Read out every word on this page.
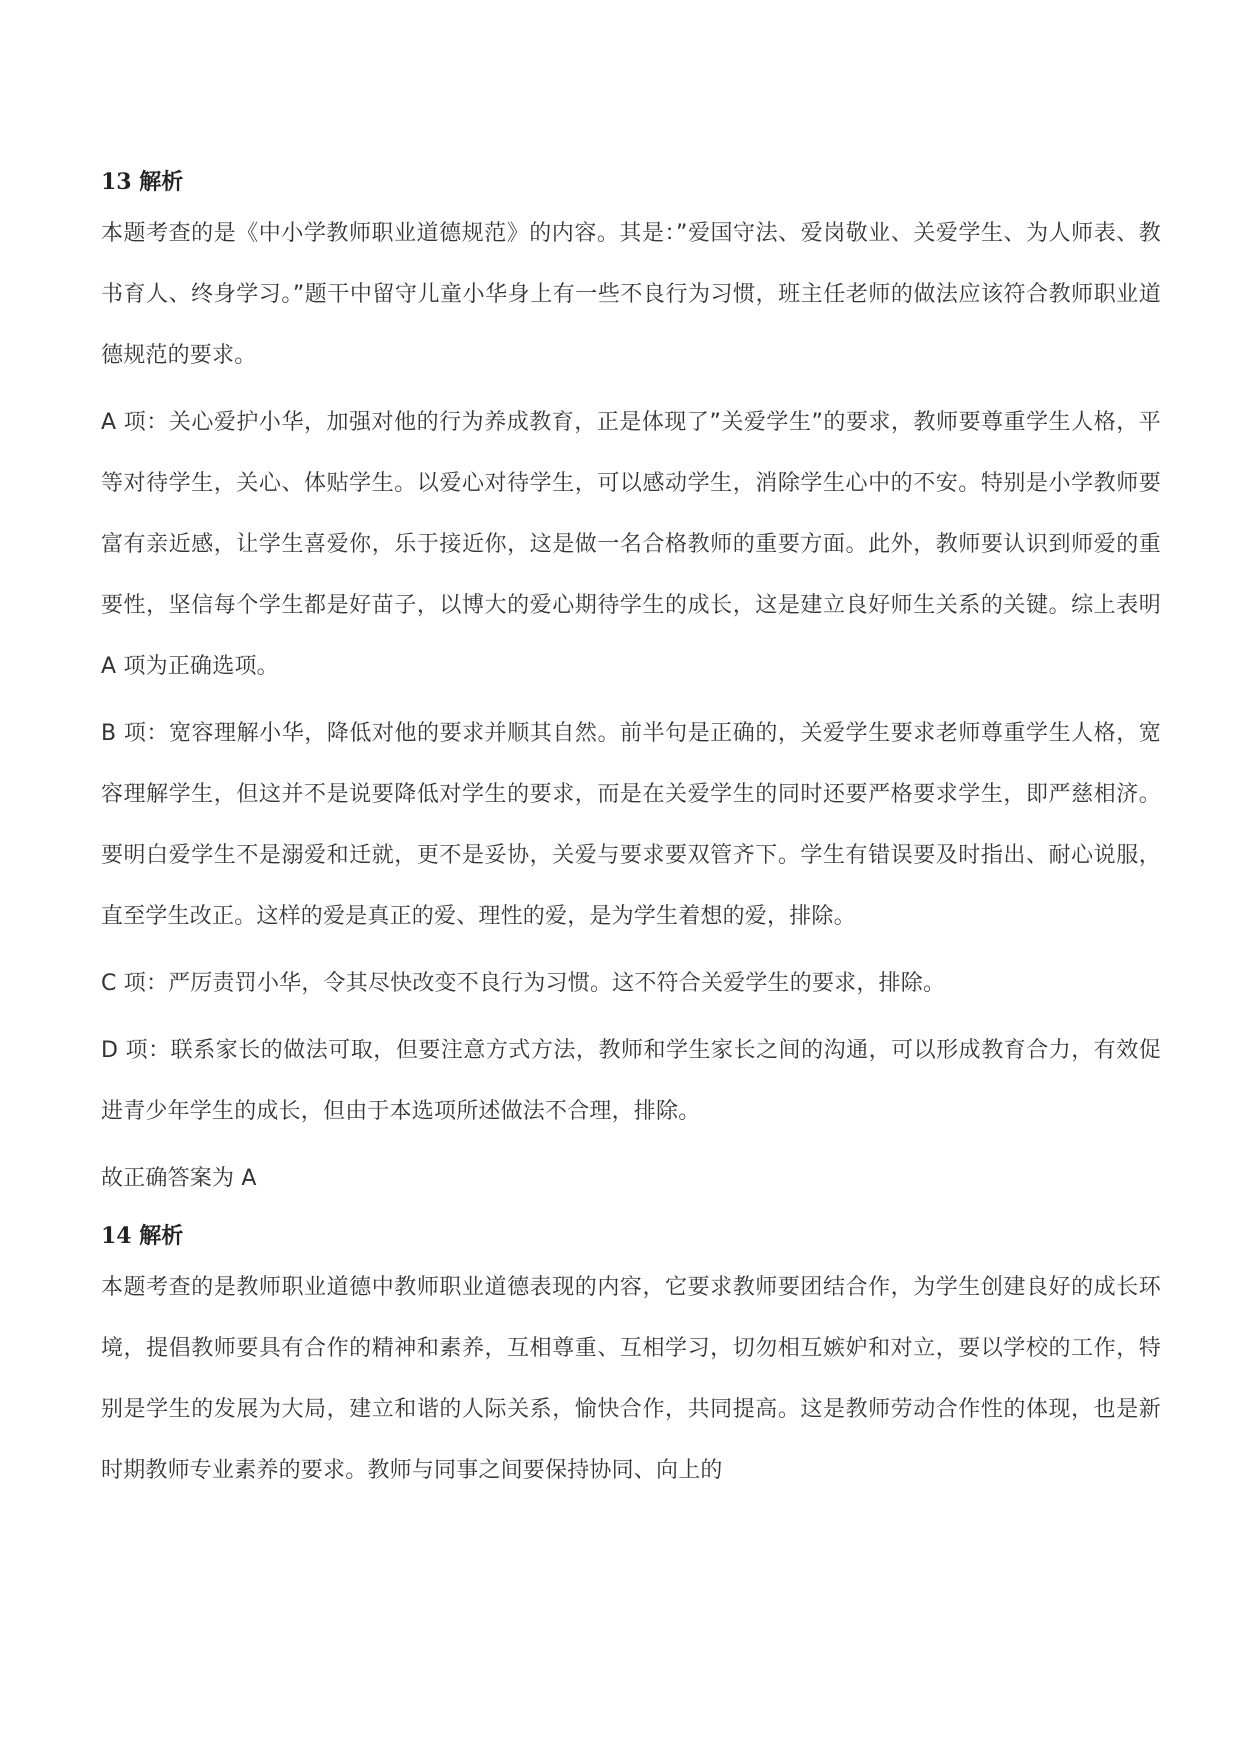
13 解析

本题考查的是《中小学教师职业道德规范》的内容。其是：”爱国守法、爱岗敬业、关爱学生、为人师表、教书育人、终身学习。”题干中留守儿童小华身上有一些不良行为习惯，班主任老师的做法应该符合教师职业道德规范的要求。

A 项：关心爱护小华，加强对他的行为养成教育，正是体现了”关爱学生”的要求，教师要尊重学生人格，平等对待学生，关心、体贴学生。以爱心对待学生，可以感动学生，消除学生心中的不安。特别是小学教师要富有亲近感，让学生喜爱你，乐于接近你，这是做一名合格教师的重要方面。此外，教师要认识到师爱的重要性，坚信每个学生都是好苗子，以博大的爱心期待学生的成长，这是建立良好师生关系的关键。综上表明 A 项为正确选项。

B 项：宽容理解小华，降低对他的要求并顺其自然。前半句是正确的，关爱学生要求老师尊重学生人格，宽容理解学生，但这并不是说要降低对学生的要求，而是在关爱学生的同时还要严格要求学生，即严慈相济。要明白爱学生不是溺爱和迁就，更不是妥协，关爱与要求要双管齐下。学生有错误要及时指出、耐心说服，直至学生改正。这样的爱是真正的爱、理性的爱，是为学生着想的爱，排除。

C 项：严厉责罚小华，令其尽快改变不良行为习惯。这不符合关爱学生的要求，排除。

D 项：联系家长的做法可取，但要注意方式方法，教师和学生家长之间的沟通，可以形成教育合力，有效促进青少年学生的成长，但由于本选项所述做法不合理，排除。

故正确答案为 A

14 解析

本题考查的是教师职业道德中教师职业道德表现的内容，它要求教师要团结合作，为学生创建良好的成长环境，提倡教师要具有合作的精神和素养，互相尊重、互相学习，切勿相互嫉妒和对立，要以学校的工作，特别是学生的发展为大局，建立和谐的人际关系，愉快合作，共同提高。这是教师劳动合作性的体现，也是新时期教师专业素养的要求。教师与同事之间要保持协同、向上的
